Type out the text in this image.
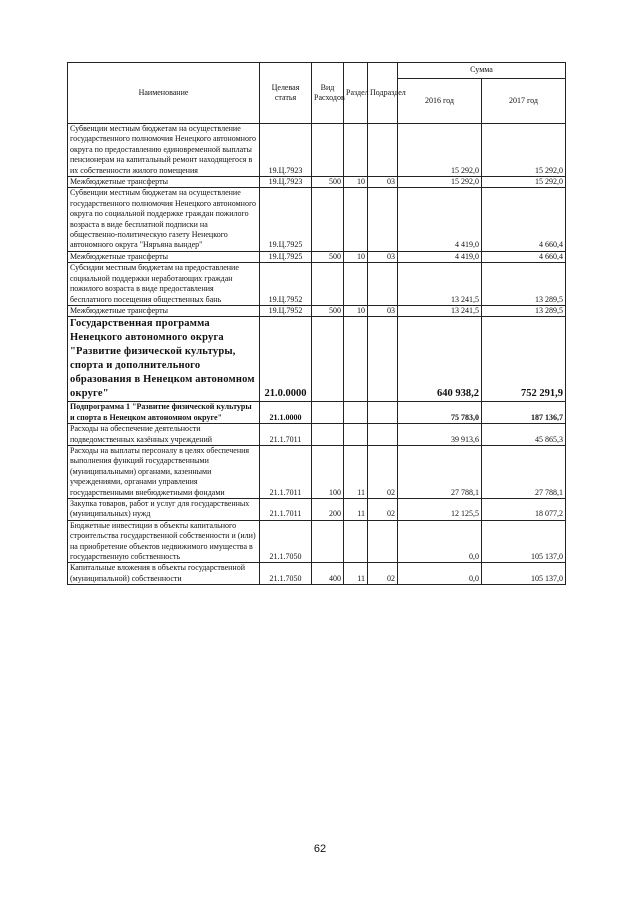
Наименование	Целевая статья	Вид Расходов	Раздел	Подраздел	Сумма	
					2016 год	2017 год
Субвенции местным бюджетам на осуществление государственного полномочия Ненецкого автономного округа по предоставлению единовременной выплаты пенсионерам на капитальный ремонт находящегося в их собственности жилого помещения	19.Ц.7923				15 292,0	15 292,0
Межбюджетные трансферты	19.Ц.7923	500	10	03	15 292,0	15 292,0
Субвенции местным бюджетам на осуществление государственного полномочия Ненецкого автономного округа по социальной поддержке граждан пожилого возраста в виде бесплатной подписки на общественно-политическую газету Ненецкого автономного округа "Няръяна вындер"	19.Ц.7925				4 419,0	4 660,4
Межбюджетные трансферты	19.Ц.7925	500	10	03	4 419,0	4 660,4
Субсидии местным бюджетам на предоставление социальной поддержки неработающих граждан пожилого возраста в виде предоставления бесплатного посещения общественных бань	19.Ц.7952				13 241,5	13 289,5
Межбюджетные трансферты	19.Ц.7952	500	10	03	13 241,5	13 289,5
Государственная программа Ненецкого автономного округа "Развитие физической культуры, спорта и дополнительного образования в Ненецком автономном округе"	21.0.0000				640 938,2	752 291,9
Подпрограмма 1 "Развитие физической культуры и спорта в Ненецком автономном округе"	21.1.0000				75 783,0	187 136,7
Расходы на обеспечение деятельности подведомственных казённых учреждений	21.1.7011				39 913,6	45 865,3
Расходы на выплаты персоналу в целях обеспечения выполнения функций государственными (муниципальными) органами, казенными учреждениями, органами управления государственными внебюджетными фондами	21.1.7011	100	11	02	27 788,1	27 788,1
Закупка товаров, работ и услуг для государственных (муниципальных) нужд	21.1.7011	200	11	02	12 125,5	18 077,2
Бюджетные инвестиции в объекты капитального строительства государственной собственности и (или) на приобретение объектов недвижимого имущества в государственную собственность	21.1.7050				0,0	105 137,0
Капитальные вложения в объекты государственной (муниципальной) собственности	21.1.7050	400	11	02	0,0	105 137,0
62
